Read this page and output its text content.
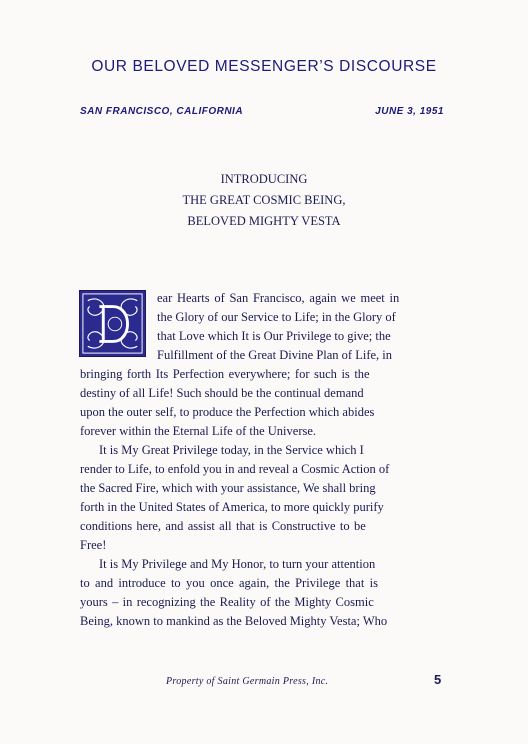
OUR BELOVED MESSENGER’S DISCOURSE
SAN FRANCISCO, CALIFORNIA	JUNE 3, 1951
INTRODUCING
THE GREAT COSMIC BEING,
BELOVED MIGHTY VESTA
ear Hearts of San Francisco, again we meet in
the Glory of our Service to Life; in the Glory of
that Love which It is Our Privilege to give; the
Fulfillment of the Great Divine Plan of Life, in
bringing forth Its Perfection everywhere; for such is the
destiny of all Life! Such should be the continual demand
upon the outer self, to produce the Perfection which abides
forever within the Eternal Life of the Universe.
It is My Great Privilege today, in the Service which I
render to Life, to enfold you in and reveal a Cosmic Action of
the Sacred Fire, which with your assistance, We shall bring
forth in the United States of America, to more quickly purify
conditions here, and assist all that is Constructive to be
Free!
It is My Privilege and My Honor, to turn your attention
to and introduce to you once again, the Privilege that is
yours – in recognizing the Reality of the Mighty Cosmic
Being, known to mankind as the Beloved Mighty Vesta; Who
Property of Saint Germain Press, Inc.	5
